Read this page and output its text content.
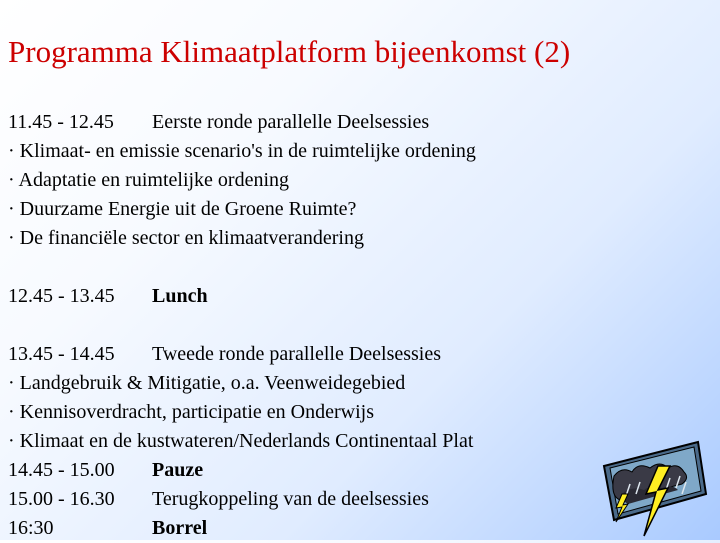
Programma Klimaatplatform bijeenkomst (2)
11.45 - 12.45 Eerste ronde parallelle Deelsessies
· Klimaat- en emissie scenario's in de ruimtelijke ordening
· Adaptatie en ruimtelijke ordening
· Duurzame Energie uit de Groene Ruimte?
· De financiële sector en klimaatverandering
12.45 - 13.45 Lunch
13.45 - 14.45 Tweede ronde parallelle Deelsessies
· Landgebruik & Mitigatie, o.a. Veenweidegebied
· Kennisoverdracht, participatie en Onderwijs
· Klimaat en de kustwateren/Nederlands Continentaal Plat
14.45 - 15.00 Pauze
15.00 - 16.30 Terugkoppeling van de deelsessies
16:30	Borrel
